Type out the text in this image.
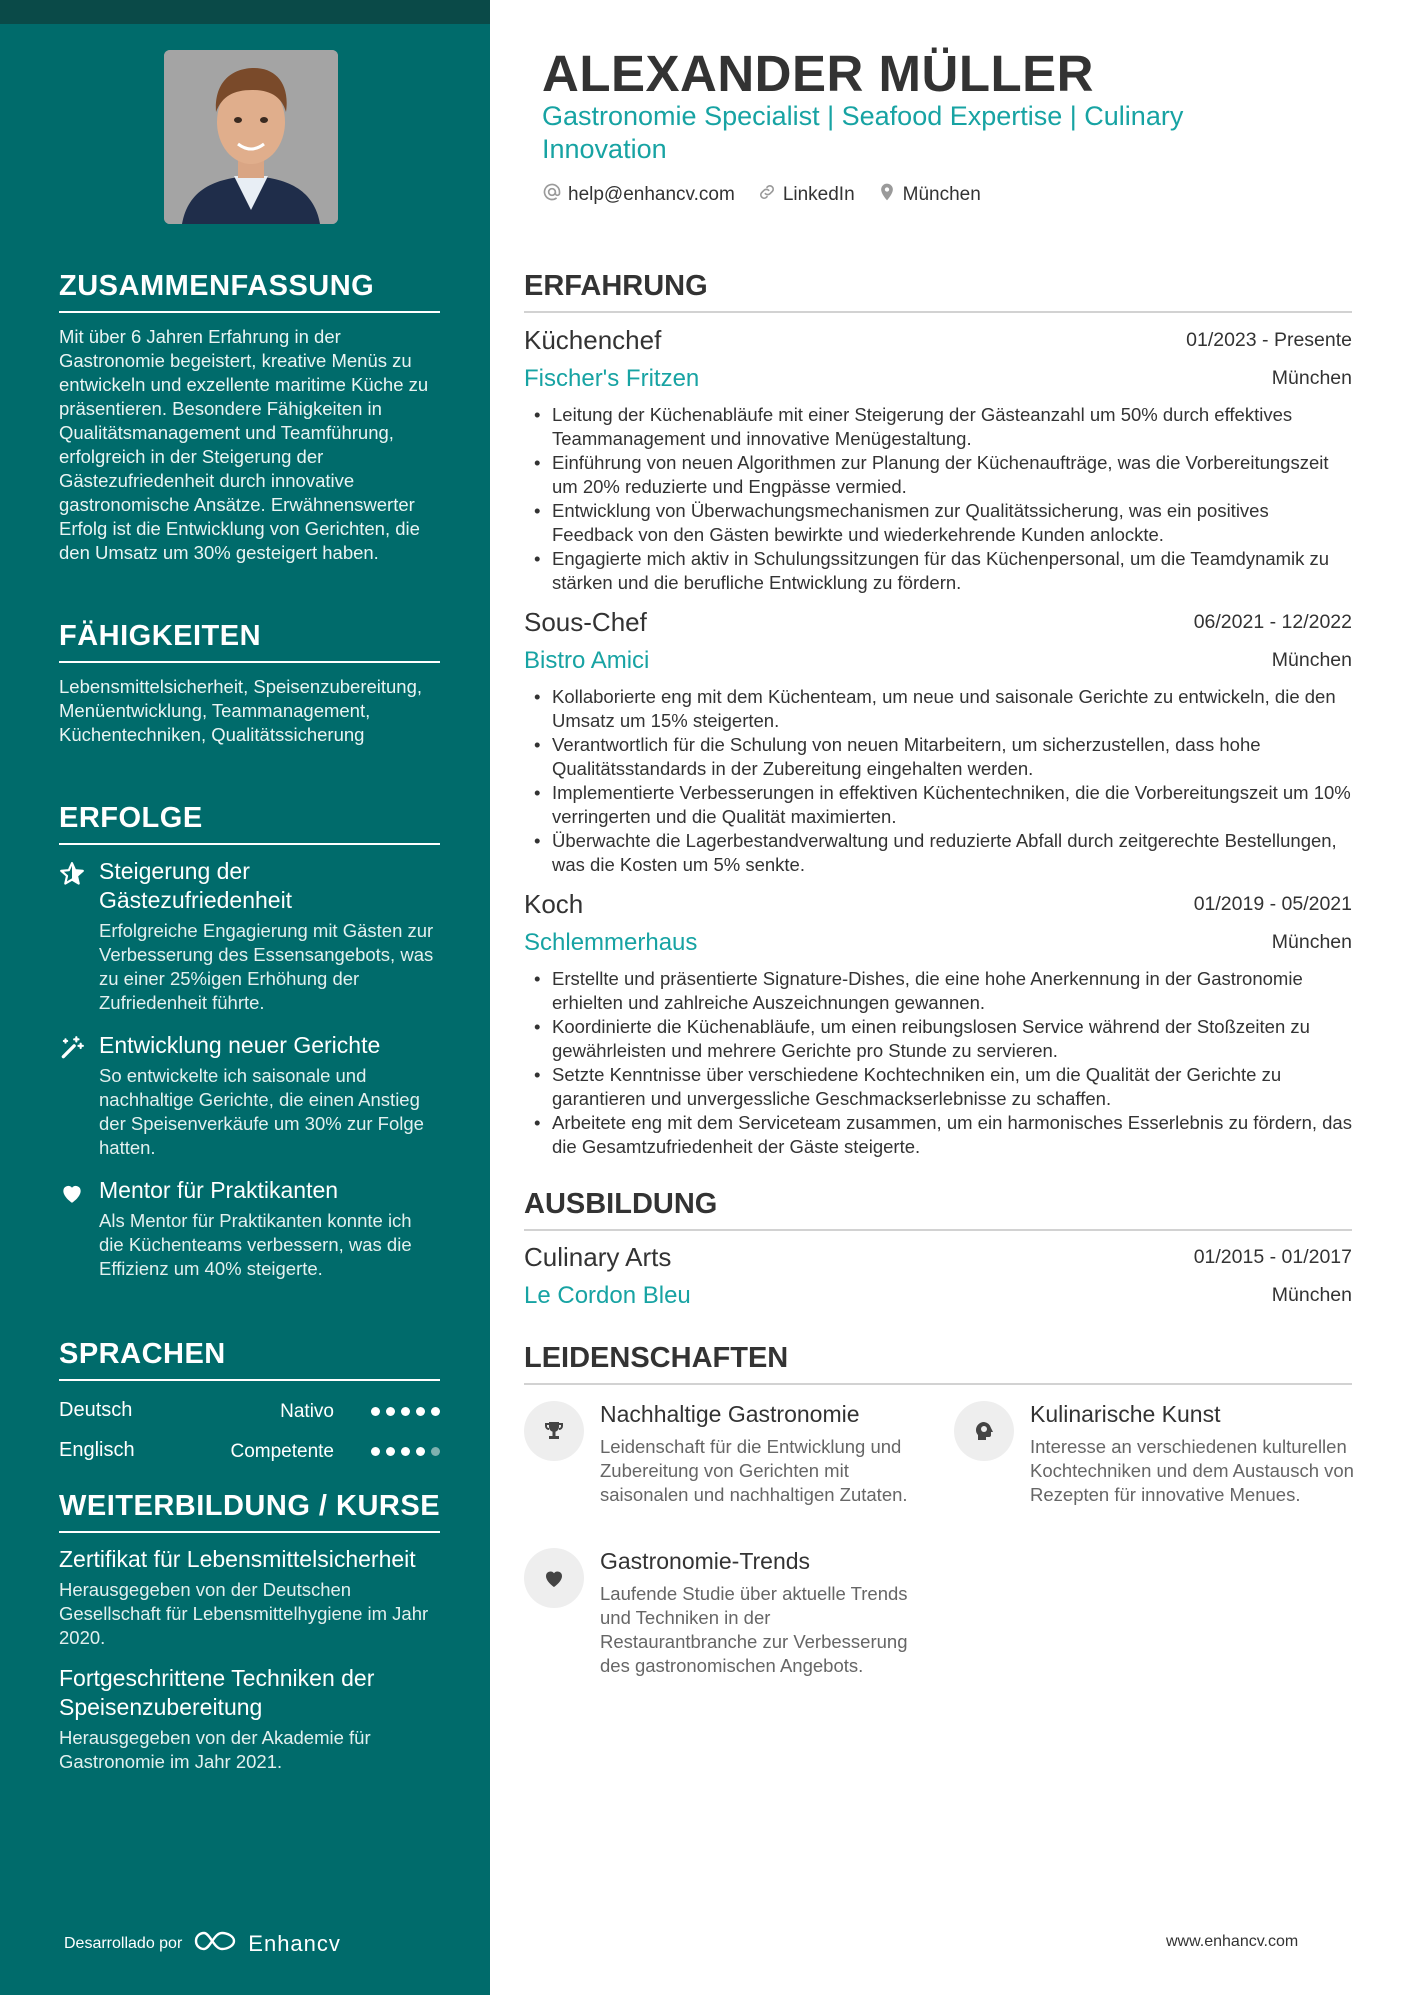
ZUSAMMENFASSUNG

Mit über 6 Jahren Erfahrung in der Gastronomie begeistert, kreative Menüs zu entwickeln und exzellente maritime Küche zu präsentieren. Besondere Fähigkeiten in Qualitätsmanagement und Teamführung, erfolgreich in der Steigerung der Gästezufriedenheit durch innovative gastronomische Ansätze. Erwähnenswerter Erfolg ist die Entwicklung von Gerichten, die den Umsatz um 30% gesteigert haben.

FÄHIGKEITEN

Lebensmittelsicherheit, Speisenzubereitung, Menüentwicklung, Teammanagement, Küchentechniken, Qualitätssicherung

ERFOLGE
Steigerung der Gästezufriedenheit
Erfolgreiche Engagierung mit Gästen zur Verbesserung des Essensangebots, was zu einer 25%igen Erhöhung der Zufriedenheit führte.
Entwicklung neuer Gerichte
So entwickelte ich saisonale und nachhaltige Gerichte, die einen Anstieg der Speisenverkäufe um 30% zur Folge hatten.
Mentor für Praktikanten
Als Mentor für Praktikanten konnte ich die Küchenteams verbessern, was die Effizienz um 40% steigerte.
SPRACHEN
Deutsch	Nativo
Englisch	Competente
WEITERBILDUNG / KURSE
Zertifikat für Lebensmittelsicherheit
Herausgegeben von der Deutschen Gesellschaft für Lebensmittelhygiene im Jahr 2020.
Fortgeschrittene Techniken der Speisenzubereitung
Herausgegeben von der Akademie für Gastronomie im Jahr 2021.
Desarrollado por	Enhancv
ALEXANDER MÜLLER
Gastronomie Specialist | Seafood Expertise | Culinary Innovation
help@enhancv.com	LinkedIn	München
ERFAHRUNG
Küchenchef	01/2023 - Presente
Fischer's Fritzen	München
• Leitung der Küchenabläufe mit einer Steigerung der Gästeanzahl um 50% durch effektives Teammanagement und innovative Menügestaltung.
• Einführung von neuen Algorithmen zur Planung der Küchenaufträge, was die Vorbereitungszeit um 20% reduzierte und Engpässe vermied.
• Entwicklung von Überwachungsmechanismen zur Qualitätssicherung, was ein positives Feedback von den Gästen bewirkte und wiederkehrende Kunden anlockte.
• Engagierte mich aktiv in Schulungssitzungen für das Küchenpersonal, um die Teamdynamik zu stärken und die berufliche Entwicklung zu fördern.
Sous-Chef	06/2021 - 12/2022
Bistro Amici	München
• Kollaborierte eng mit dem Küchenteam, um neue und saisonale Gerichte zu entwickeln, die den Umsatz um 15% steigerten.
• Verantwortlich für die Schulung von neuen Mitarbeitern, um sicherzustellen, dass hohe Qualitätsstandards in der Zubereitung eingehalten werden.
• Implementierte Verbesserungen in effektiven Küchentechniken, die die Vorbereitungszeit um 10% verringerten und die Qualität maximierten.
• Überwachte die Lagerbestandverwaltung und reduzierte Abfall durch zeitgerechte Bestellungen, was die Kosten um 5% senkte.
Koch	01/2019 - 05/2021
Schlemmerhaus	München
• Erstellte und präsentierte Signature-Dishes, die eine hohe Anerkennung in der Gastronomie erhielten und zahlreiche Auszeichnungen gewannen.
• Koordinierte die Küchenabläufe, um einen reibungslosen Service während der Stoßzeiten zu gewährleisten und mehrere Gerichte pro Stunde zu servieren.
• Setzte Kenntnisse über verschiedene Kochtechniken ein, um die Qualität der Gerichte zu garantieren und unvergessliche Geschmackserlebnisse zu schaffen.
• Arbeitete eng mit dem Serviceteam zusammen, um ein harmonisches Esserlebnis zu fördern, das die Gesamtzufriedenheit der Gäste steigerte.
AUSBILDUNG
Culinary Arts	01/2015 - 01/2017
Le Cordon Bleu	München
LEIDENSCHAFTEN
Nachhaltige Gastronomie
Leidenschaft für die Entwicklung und Zubereitung von Gerichten mit saisonalen und nachhaltigen Zutaten.
Kulinarische Kunst
Interesse an verschiedenen kulturellen Kochtechniken und dem Austausch von Rezepten für innovative Menues.
Gastronomie-Trends
Laufende Studie über aktuelle Trends und Techniken in der Restaurantbranche zur Verbesserung des gastronomischen Angebots.
www.enhancv.com
